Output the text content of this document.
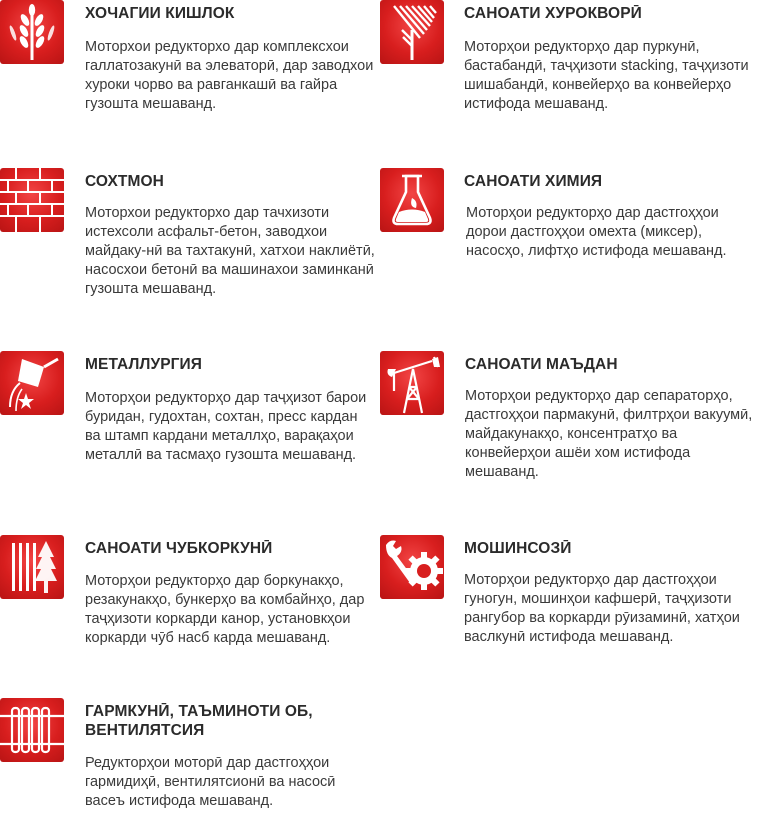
ХОЧАГИИ КИШЛОК
Моторхои редукторхо дар комплексхои галлатозакунӣ ва элеваторӣ, дар заводхои хуроки чорво ва равганкашӣ ва гайра гузошта мешаванд.
САНОАТИ ХУРОКВОРӢ
Моторҳои редукторҳо дар пуркунӣ, бастабандӣ, таҷҳизоти stacking, таҷҳизоти шишабандӣ, конвейерҳо ва конвейерҳо истифода мешаванд.
СОХТМОН
Моторхои редукторхо дар тачхизоти истехсоли асфальт-бетон, заводхои майдаку-нӣ ва тахтакунӣ, хатхои наклиётӣ, насосхои бетонӣ ва машинахои заминканӣ гузошта мешаванд.
САНОАТИ ХИМИЯ
Моторҳои редукторҳо дар дастгоҳҳои дорои дастгоҳҳои омехта (миксер), насосҳо, лифтҳо истифода мешаванд.
МЕТАЛЛУРГИЯ
Моторҳои редукторҳо дар таҷҳизот барои буридан, гудохтан, сохтан, пресс кардан ва штамп кардани металлҳо, варақаҳои металлӣ ва тасмаҳо гузошта мешаванд.
САНОАТИ МАЪДАН
Моторҳои редукторҳо дар сепараторҳо, дастгоҳҳои пармакунӣ, филтрҳои вакуумӣ, майдакунакҳо, консентратҳо ва конвейерҳои ашёи хом истифода мешаванд.
САНОАТИ ЧУБКОРКУНӢ
Моторҳои редукторҳо дар боркунакҳо, резакунакҳо, бункерҳо ва комбайнҳо, дар таҷҳизоти коркарди канор, установкҳои коркарди чӯб насб карда мешаванд.
МОШИНСОЗӢ
Моторҳои редукторҳо дар дастгоҳҳои гуногун, мошинҳои кафшерӣ, таҷҳизоти рангубор ва коркарди рӯизаминӣ, хатҳои васлкунӣ истифода мешаванд.
ГАРМКУНӢ, ТАЪМИНОТИ ОБ, ВЕНТИЛЯТСИЯ
Редукторҳои моторӣ дар дастгоҳҳои гармидиҳӣ, вентилятсионӣ ва насосӣ васеъ истифода мешаванд.
